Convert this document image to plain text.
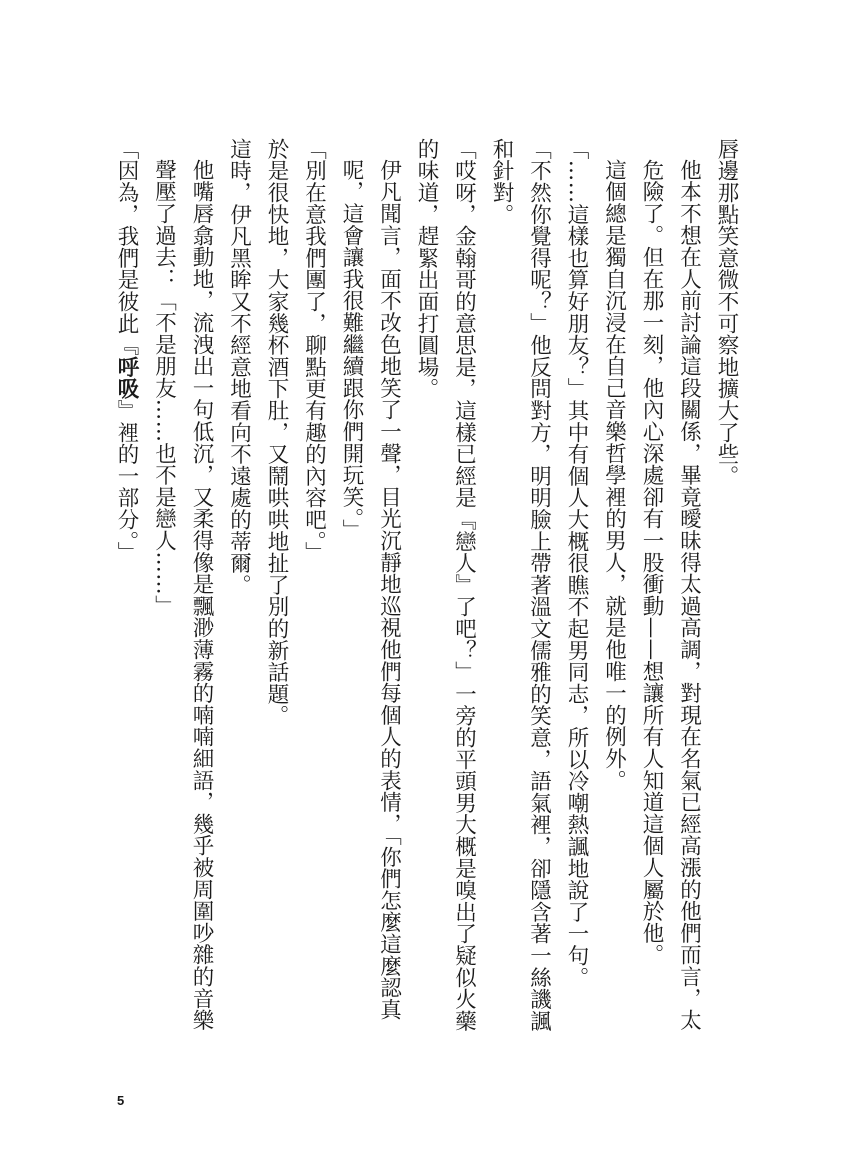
唇邊那點笑意微不可察地擴大了些。

他本不想在人前討論這段關係，畢竟曖昧得太過高調，對現在名氣已經高漲的他們而言，太危險了。但在那一刻，他內心深處卻有一股衝動——想讓所有人知道這個人屬於他。

這個總是獨自沉浸在自己音樂哲學裡的男人，就是他唯一的例外。

「……這樣也算好朋友？」其中有個人大概很瞧不起男同志，所以冷嘲熱諷地說了一句。

「不然你覺得呢？」他反問對方，明明臉上帶著溫文儒雅的笑意，語氣裡，卻隱含著一絲譏諷和針對。

「哎呀，金翰哥的意思是，這樣已經是『戀人』了吧？」一旁的平頭男大概是嗅出了疑似火藥的味道，趕緊出面打圓場。

伊凡聞言，面不改色地笑了一聲，目光沉靜地巡視他們每個人的表情，「你們怎麼這麼認真呢，這會讓我很難繼續跟你們開玩笑。」

「別在意我們團了，聊點更有趣的內容吧。」

於是很快地，大家幾杯酒下肚，又鬧哄哄地扯了別的新話題。

這時，伊凡黑眸又不經意地看向不遠處的蒂爾。

他嘴唇翕動地，流洩出一句低沉，又柔得像是飄渺薄霧的喃喃細語，幾乎被周圍吵雜的音樂聲壓了過去：「不是朋友……也不是戀人……」

「因為，我們是彼此『呼吸』裡的一部分。」

5
